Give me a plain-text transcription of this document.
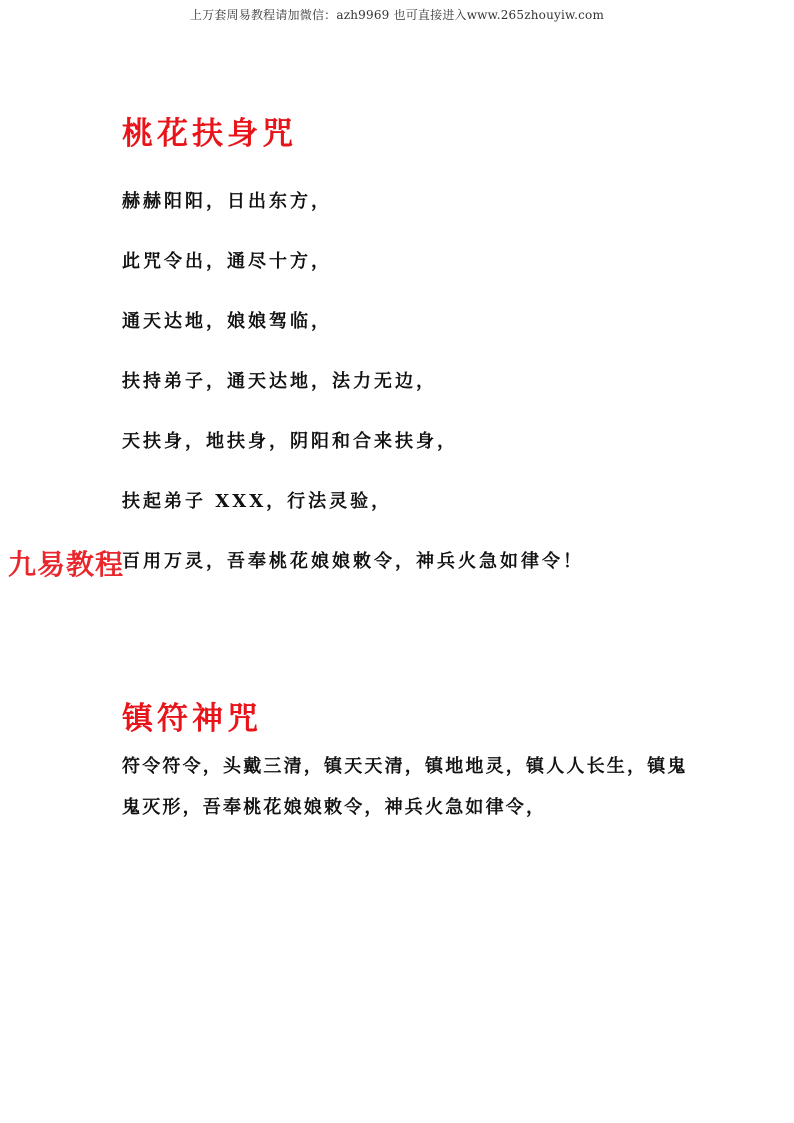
上万套周易教程请加微信：azh9969 也可直接进入www.265zhouyiw.com
桃花扶身咒
赫赫阳阳，日出东方，
此咒令出，通尽十方，
通天达地，娘娘驾临，
扶持弟子，通天达地，法力无边，
天扶身，地扶身，阴阳和合来扶身，
扶起弟子 XXX，行法灵验，
百用万灵，吾奉桃花娘娘敕令，神兵火急如律令！
九易教程
镇符神咒
符令符令，头戴三清，镇天天清，镇地地灵，镇人人长生，镇鬼
鬼灭形，吾奉桃花娘娘敕令，神兵火急如律令，
